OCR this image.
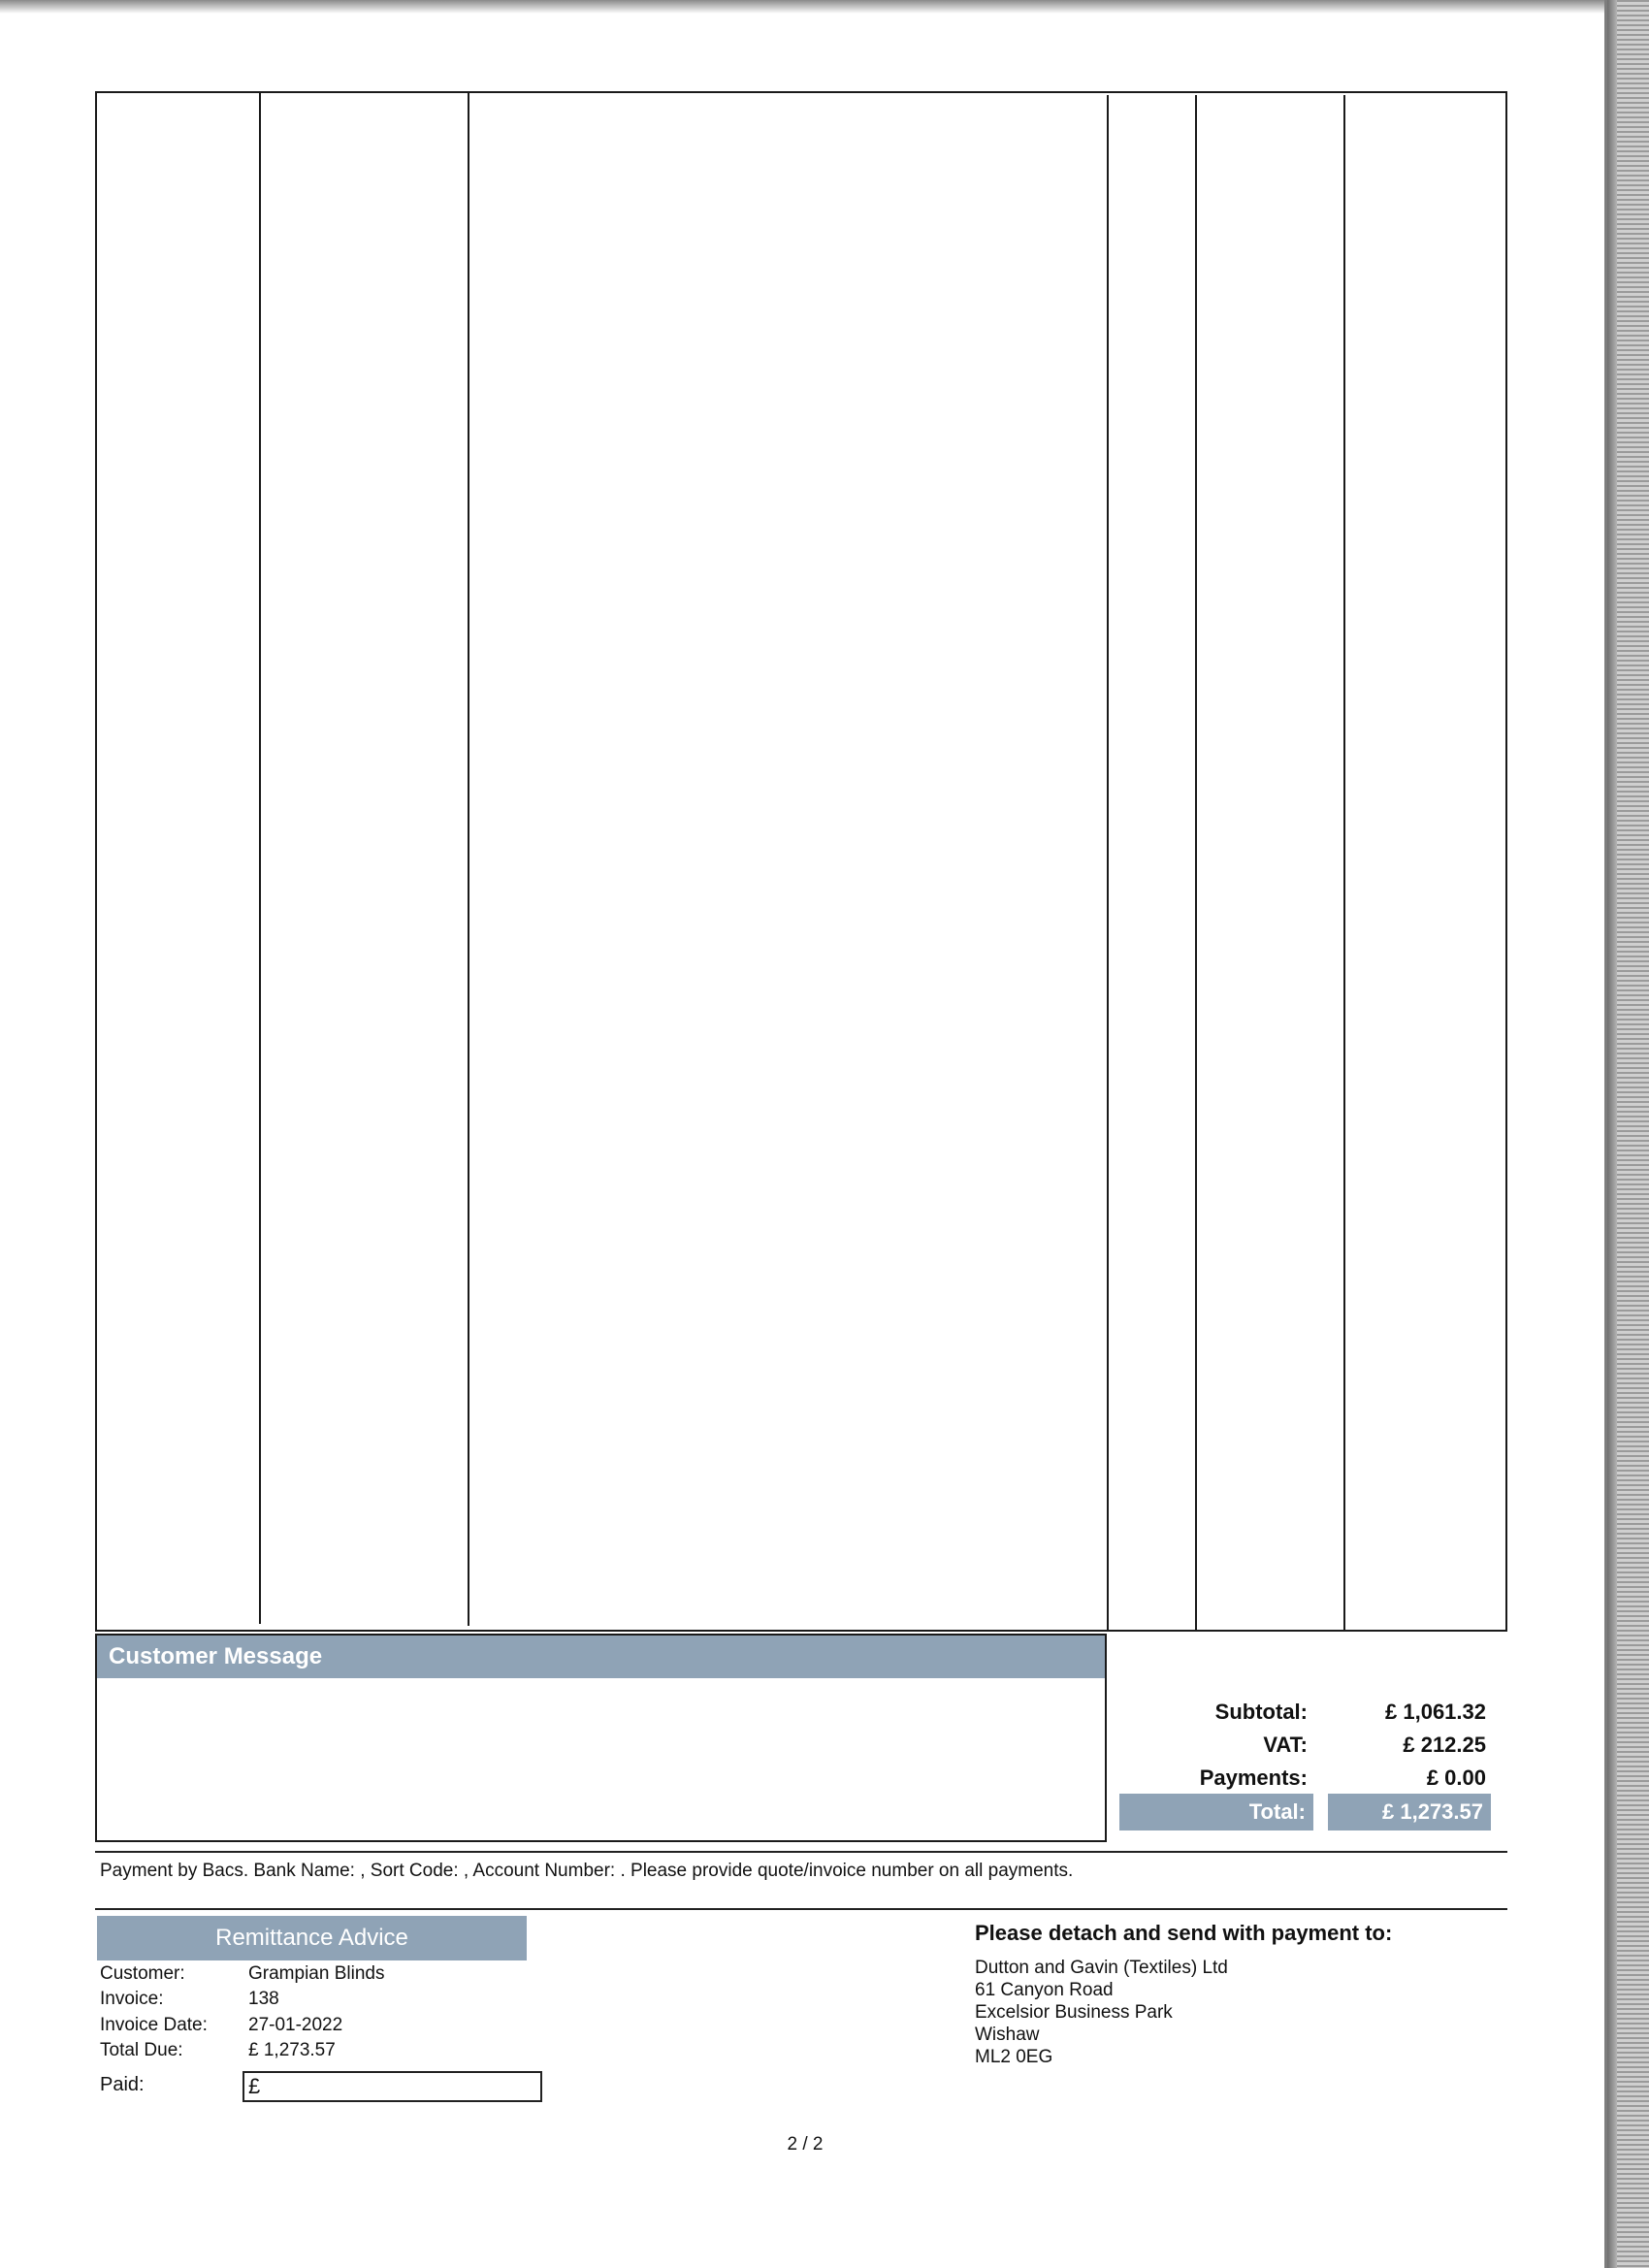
Customer Message
Subtotal:	£ 1,061.32
VAT:	£ 212.25
Payments:	£ 0.00
Total:	£ 1,273.57
Payment by Bacs. Bank Name: , Sort Code: , Account Number: . Please provide quote/invoice number on all payments.
Remittance Advice
Customer:	Grampian Blinds
Invoice:	138
Invoice Date: 27-01-2022
Total Due:	£ 1,273.57
Paid:	£
Please detach and send with payment to:
Dutton and Gavin (Textiles) Ltd
61 Canyon Road
Excelsior Business Park
Wishaw
ML2 0EG
2 / 2
